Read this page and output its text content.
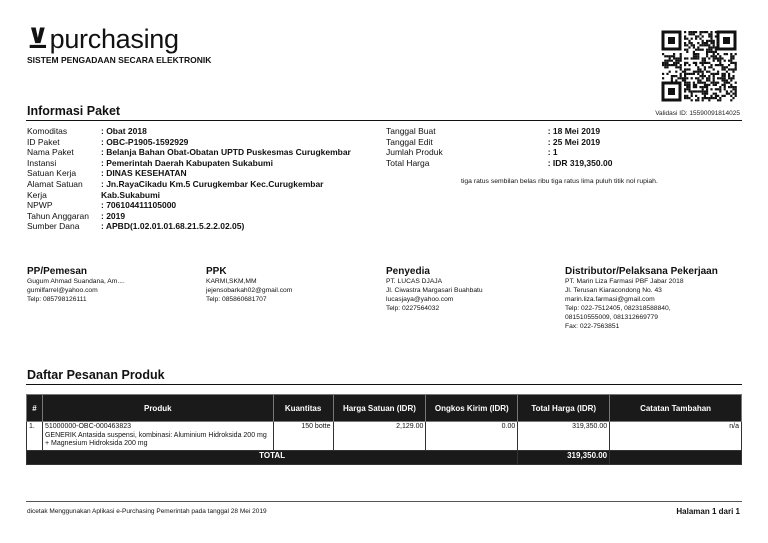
⊻purchasing
SISTEM PENGADAAN SECARA ELEKTRONIK
Validasi ID: 15590091814025
Informasi Paket
Komoditas	: Obat 2018
ID Paket	: OBC-P1905-1592929
Nama Paket	: Belanja Bahan Obat-Obatan UPTD Puskesmas Curugkembar
Instansi	: Pemerintah Daerah Kabupaten Sukabumi
Satuan Kerja	: DINAS KESEHATAN
Alamat Satuan Kerja	: Jn.RayaCikadu Km.5 Curugkembar Kec.Curugkembar Kab.Sukabumi
NPWP	: 706104411105000
Tahun Anggaran	: 2019
Sumber Dana	: APBD(1.02.01.01.68.21.5.2.2.02.05)
Tanggal Buat	: 18 Mei 2019
Tanggal Edit	: 25 Mei 2019
Jumlah Produk	: 1
Total Harga	: IDR 319,350.00
tiga ratus sembilan belas ribu tiga ratus lima puluh titik nol rupiah.
PP/Pemesan
Gugum Ahmad Suandana, Am....
gumilfarrel@yahoo.com
Telp: 085798126111
PPK
KARMI,SKM,MM
jejensobarkah02@gmail.com
Telp: 085860681707
Penyedia
PT. LUCAS DJAJA
Jl. Ciwastra Margasari Buahbatu
lucasjaya@yahoo.com
Telp: 0227564032
Distributor/Pelaksana Pekerjaan
PT. Marin Liza Farmasi PBF Jabar 2018
Jl. Terusan Kiaracondong No. 43
marin.liza.farmasi@gmail.com
Telp: 022-7512405, 082318588840,
081510555009, 081312669779
Fax: 022-7563851
Daftar Pesanan Produk
#	Produk	Kuantitas	Harga Satuan (IDR)	Ongkos Kirim (IDR)	Total Harga (IDR)	Catatan Tambahan
1.	51000000-OBC-000463823
GENERIK Antasida suspensi, kombinasi: Aluminium Hidroksida 200 mg + Magnesium Hidroksida 200 mg	150 botte	2,129.00	0.00	319,350.00	n/a
TOTAL					319,350.00	
dicetak Menggunakan Aplikasi e-Purchasing Pemerintah pada tanggal 28 Mei 2019	Halaman 1 dari 1
